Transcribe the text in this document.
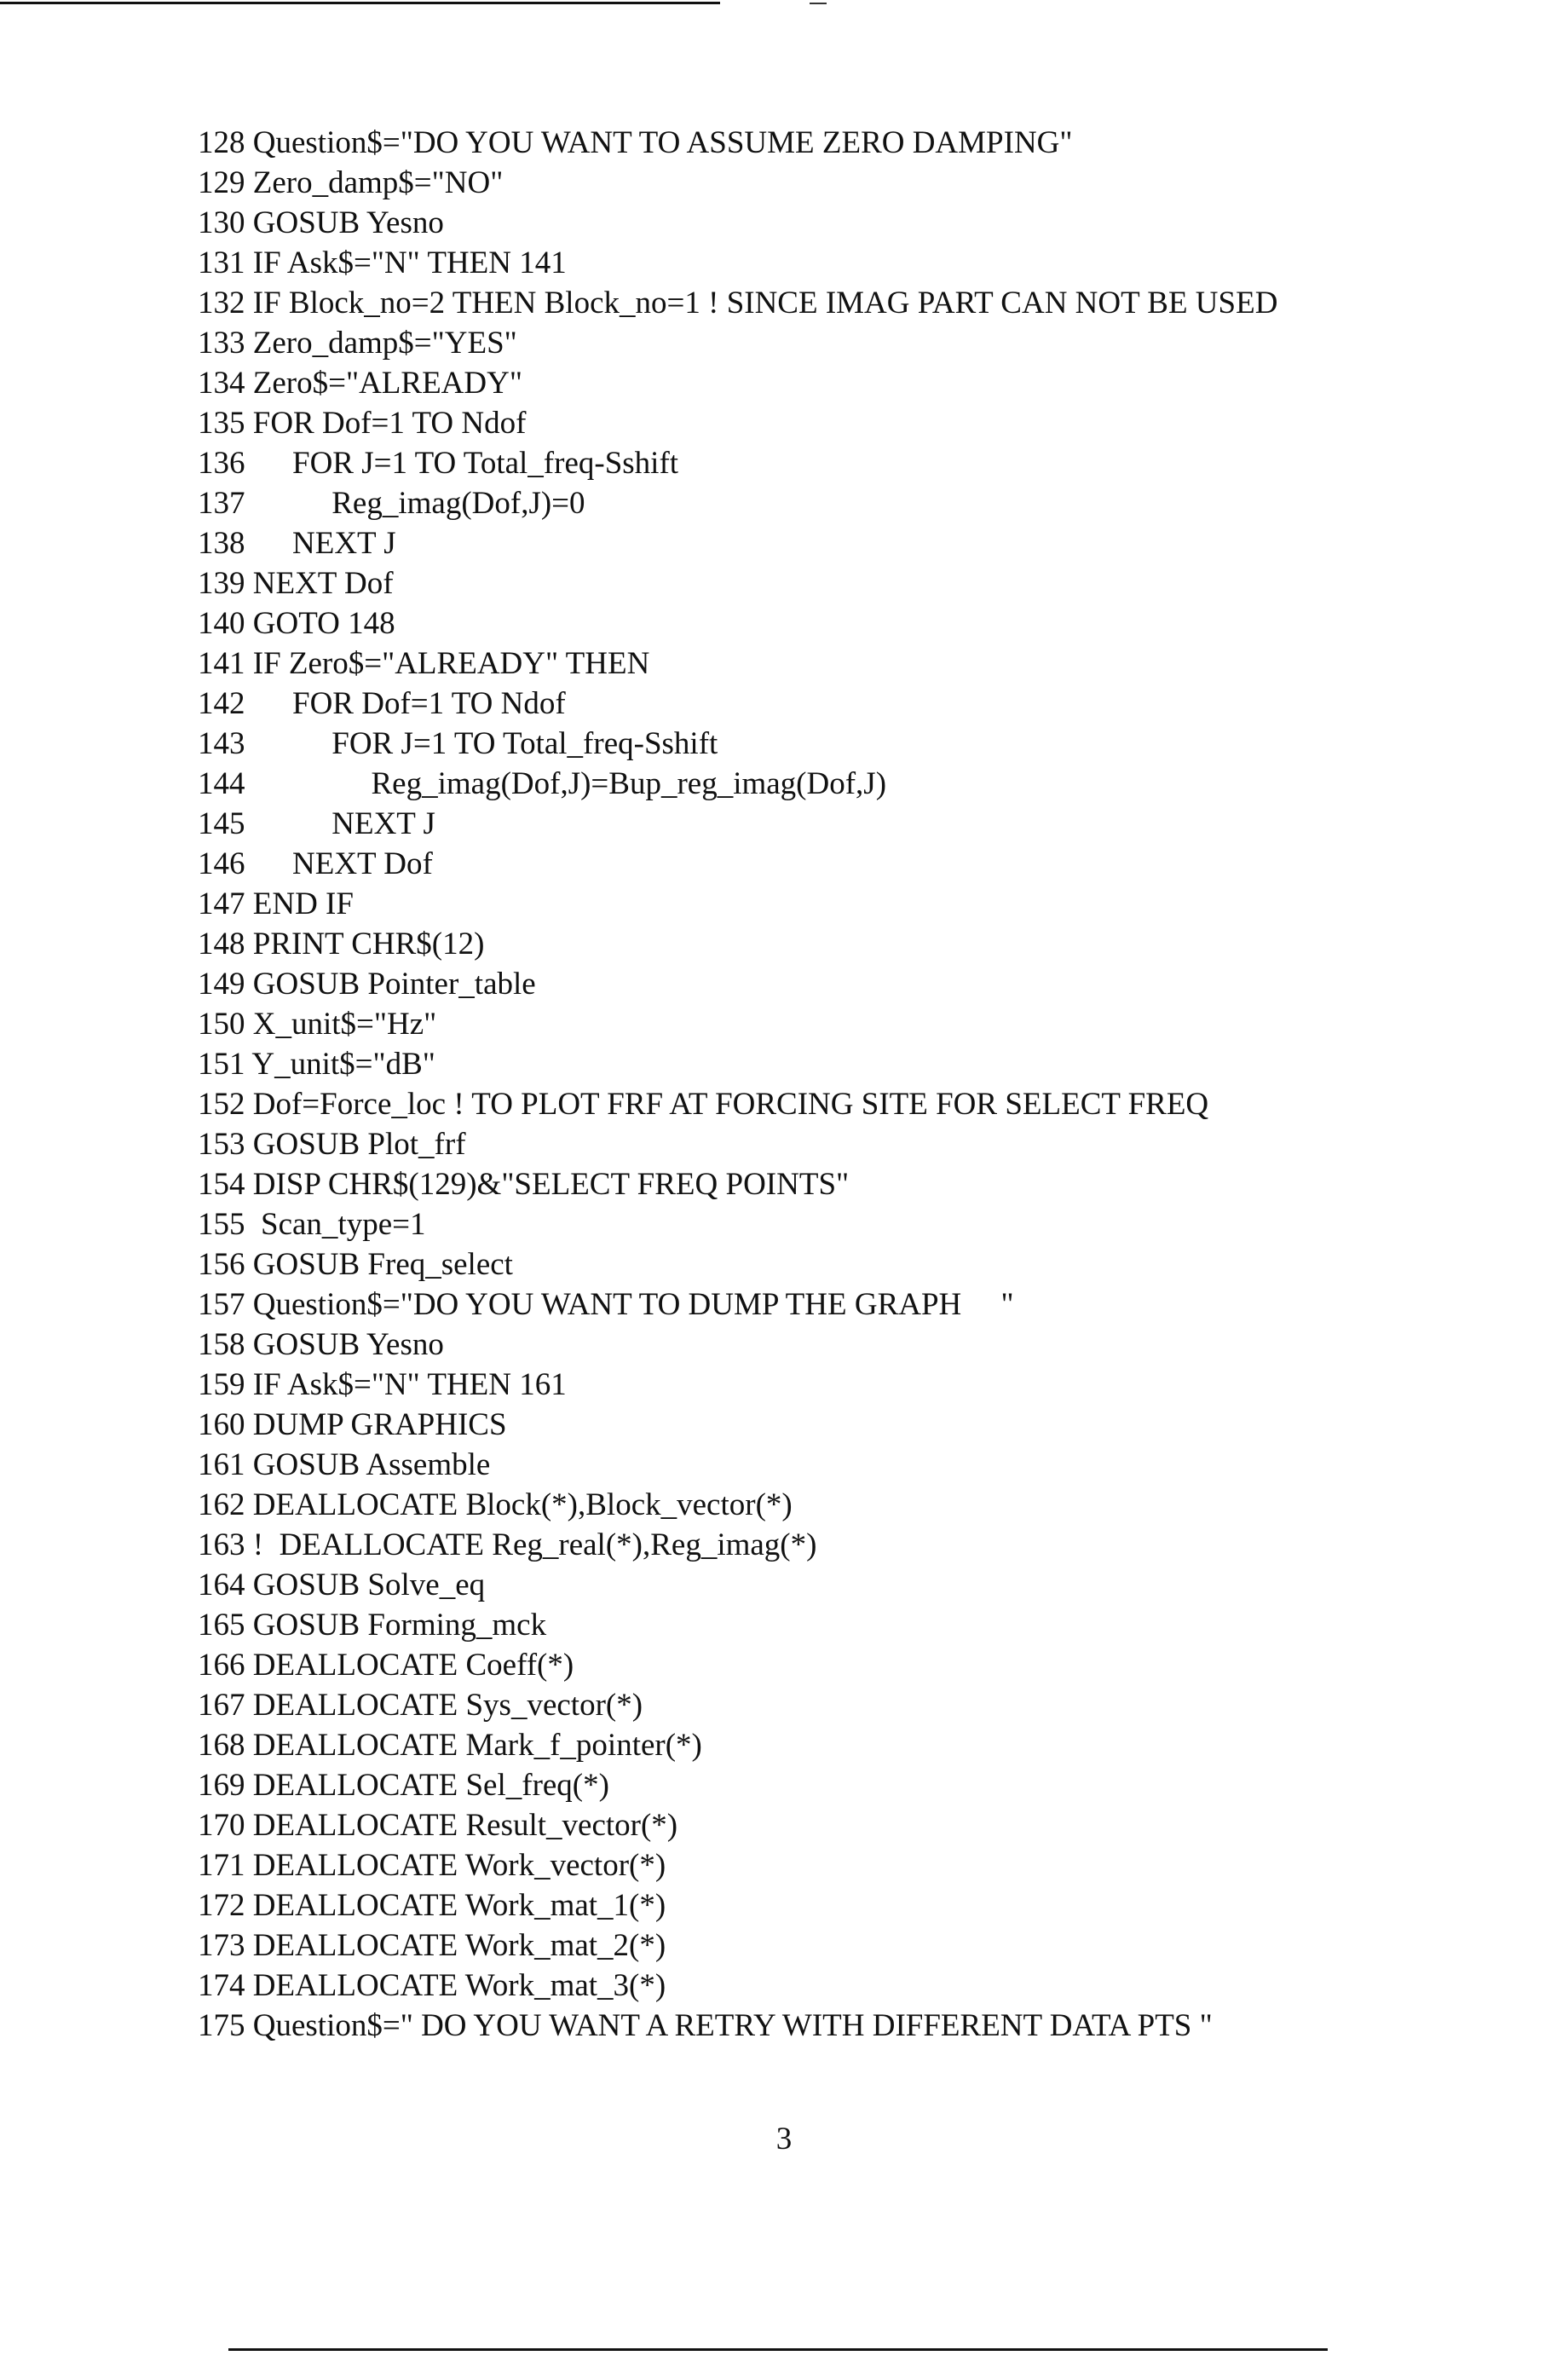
128 Question$="DO YOU WANT TO ASSUME ZERO DAMPING"
129 Zero_damp$="NO"
130 GOSUB Yesno
131 IF Ask$="N" THEN 141
132 IF Block_no=2 THEN Block_no=1 ! SINCE IMAG PART CAN NOT BE USED
133 Zero_damp$="YES"
134 Zero$="ALREADY"
135 FOR Dof=1 TO Ndof
136      FOR J=1 TO Total_freq-Sshift
137           Reg_imag(Dof,J)=0
138      NEXT J
139 NEXT Dof
140 GOTO 148
141 IF Zero$="ALREADY" THEN
142      FOR Dof=1 TO Ndof
143           FOR J=1 TO Total_freq-Sshift
144                Reg_imag(Dof,J)=Bup_reg_imag(Dof,J)
145           NEXT J
146      NEXT Dof
147 END IF
148 PRINT CHR$(12)
149 GOSUB Pointer_table
150 X_unit$="Hz"
151 Y_unit$="dB"
152 Dof=Force_loc ! TO PLOT FRF AT FORCING SITE FOR SELECT FREQ
153 GOSUB Plot_frf
154 DISP CHR$(129)&"SELECT FREQ POINTS"
155  Scan_type=1
156 GOSUB Freq_select
157 Question$="DO YOU WANT TO DUMP THE GRAPH     "
158 GOSUB Yesno
159 IF Ask$="N" THEN 161
160 DUMP GRAPHICS
161 GOSUB Assemble
162 DEALLOCATE Block(*),Block_vector(*)
163 !  DEALLOCATE Reg_real(*),Reg_imag(*)
164 GOSUB Solve_eq
165 GOSUB Forming_mck
166 DEALLOCATE Coeff(*)
167 DEALLOCATE Sys_vector(*)
168 DEALLOCATE Mark_f_pointer(*)
169 DEALLOCATE Sel_freq(*)
170 DEALLOCATE Result_vector(*)
171 DEALLOCATE Work_vector(*)
172 DEALLOCATE Work_mat_1(*)
173 DEALLOCATE Work_mat_2(*)
174 DEALLOCATE Work_mat_3(*)
175 Question$=" DO YOU WANT A RETRY WITH DIFFERENT DATA PTS "
3
